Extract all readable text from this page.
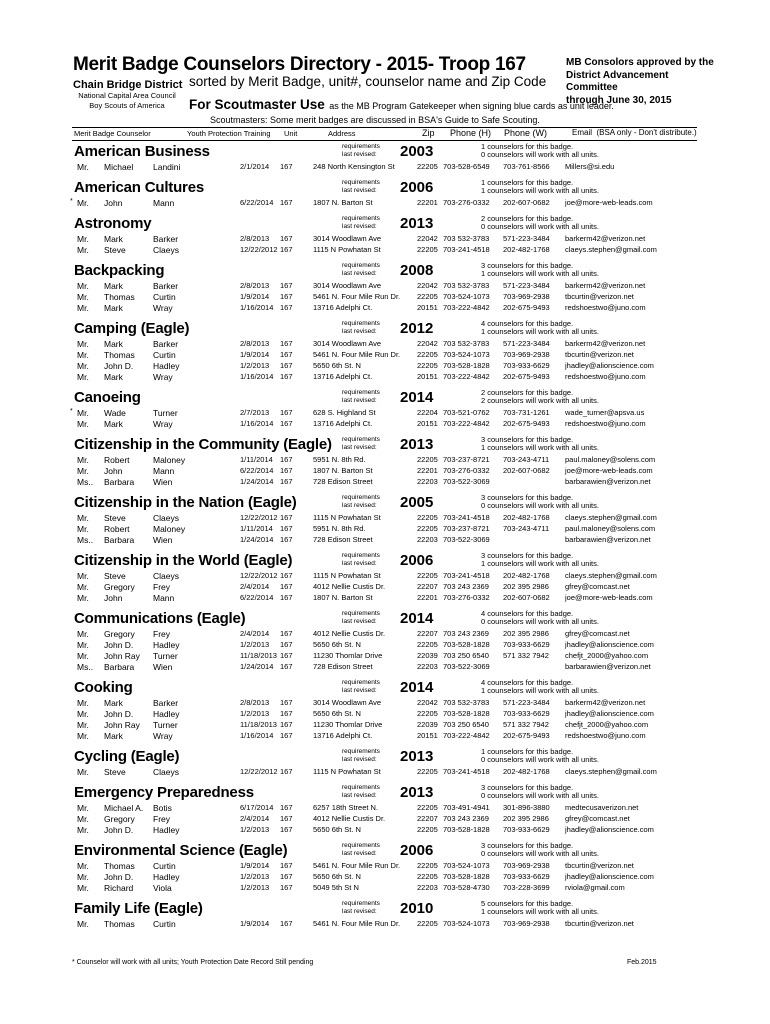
Merit Badge Counselors Directory - 2015- Troop 167
Chain Bridge District
National Capital Area Council
Boy Scouts of America
sorted by Merit Badge, unit#, counselor name and Zip Code
For Scoutmaster Use as the MB Program Gatekeeper when signing blue cards as unit leader.
MB Consolors approved by the
District Advancement Committee
through June 30, 2015
Scoutmasters: Some merit badges are discussed in BSA's Guide to Safe Scouting.
Merit Badge Counselor	Youth Protection Training Unit	Address	Zip Phone (H) Phone (W)	Email (BSA only - Don't distribute.)
American Business	requirements
last revised: 2003	1 counselors for this badge.
0 counselors will work with all units.
Mr. Michael Landini	2/1/2014 167	248 North Kensington St	22205 703-528-6549 703-761-8566 Millers@si.edu
American Cultures	requirements
last revised: 2006	1 counselors for this badge.
1 counselors will work with all units.
* Mr. John	Mann	6/22/2014 167	1807 N. Barton St	22201 703-276-0332 202-607-0682 joe@more-web-leads.com
Astronomy	requirements
last revised: 2013	2 counselors for this badge.
0 counselors will work with all units.
Mr. Mark	Barker	2/8/2013 167	3014 Woodlawn Ave	22042 703 532-3783 571-223-3484 barkerm42@verizon.net
Mr. Steve	Claeys	12/22/2012 167	1115 N Powhatan St	22205 703-241-4518 202-482-1768 claeys.stephen@gmail.com
Backpacking	requirements
last revised: 2008	3 counselors for this badge.
1 counselors will work with all units.
Mr. Mark	Barker	2/8/2013 167	3014 Woodlawn Ave	22042 703 532-3783 571-223-3484 barkerm42@verizon.net
Mr. Thomas Curtin	1/9/2014 167	5461 N. Four Mile Run Dr. 22205 703-524-1073 703-969-2938 tbcurtin@verizon.net
Mr. Mark	Wray	1/16/2014 167	13716 Adelphi Ct.	20151 703-222-4842 202-675-9493 redshoestwo@juno.com
Camping (Eagle)	requirements
last revised: 2012	4 counselors for this badge.
1 counselors will work with all units.
Mr. Mark	Barker	2/8/2013 167	3014 Woodlawn Ave	22042 703 532-3783 571-223-3484 barkerm42@verizon.net
Mr. Thomas Curtin	1/9/2014 167	5461 N. Four Mile Run Dr. 22205 703-524-1073 703-969-2938 tbcurtin@verizon.net
Mr. John D. Hadley	1/2/2013 167	5650 6th St. N	22205 703-528-1828 703-933-6629 jhadley@alionscience.com
Mr. Mark	Wray	1/16/2014 167	13716 Adelphi Ct.	20151 703-222-4842 202-675-9493 redshoestwo@juno.com
Canoeing	requirements
last revised: 2014	2 counselors for this badge.
2 counselors will work with all units.
* Mr. Wade	Turner	2/7/2013 167	628 S. Highland St	22204 703-521-0762 703-731-1261 wade_turner@apsva.us
Mr. Mark	Wray	1/16/2014 167	13716 Adelphi Ct.	20151 703-222-4842 202-675-9493 redshoestwo@juno.com
Citizenship in the Community (Eagle) requirements
last revised: 2013	3 counselors for this badge.
1 counselors will work with all units.
Mr. Robert	Maloney	1/11/2014 167	5951 N. 8th Rd.	22205 703-237-8721 703-243-4711 paul.maloney@solens.com
Mr. John	Mann	6/22/2014 167	1807 N. Barton St	22201 703-276-0332 202-607-0682 joe@more-web-leads.com
Ms.. Barbara Wien	1/24/2014 167	728 Edison Street	22203 703-522-3069	barbarawien@verizon.net
Citizenship in the Nation (Eagle)	requirements
last revised: 2005	3 counselors for this badge.
0 counselors will work with all units.
Mr. Steve	Claeys	12/22/2012 167	1115 N Powhatan St	22205 703-241-4518 202-482-1768 claeys.stephen@gmail.com
Mr. Robert	Maloney	1/11/2014 167	5951 N. 8th Rd.	22205 703-237-8721 703-243-4711 paul.maloney@solens.com
Ms.. Barbara Wien	1/24/2014 167	728 Edison Street	22203 703-522-3069	barbarawien@verizon.net
Citizenship in the World (Eagle)	requirements
last revised: 2006	3 counselors for this badge.
1 counselors will work with all units.
Mr. Steve	Claeys	12/22/2012 167	1115 N Powhatan St	22205 703-241-4518 202-482-1768 claeys.stephen@gmail.com
Mr. Gregory Frey	2/4/2014 167	4012 Nellie Custis Dr.	22207 703 243 2369 202 395 2986 gfrey@comcast.net
Mr. John	Mann	6/22/2014 167	1807 N. Barton St	22201 703-276-0332 202-607-0682 joe@more-web-leads.com
Communications (Eagle)	requirements
last revised: 2014	4 counselors for this badge.
0 counselors will work with all units.
Mr. Gregory Frey	2/4/2014 167	4012 Nellie Custis Dr.	22207 703 243 2369 202 395 2986 gfrey@comcast.net
Mr. John D. Hadley	1/2/2013 167	5650 6th St. N	22205 703-528-1828 703-933-6629 jhadley@alionscience.com
Mr. John Ray Turner	11/18/2013 167	11230 Thomlar Drive	22039 703 250 6540 571 332 7942 chefjt_2000@yahoo.com
Ms.. Barbara Wien	1/24/2014 167	728 Edison Street	22203 703-522-3069	barbarawien@verizon.net
Cooking	requirements
last revised: 2014	4 counselors for this badge.
1 counselors will work with all units.
Mr. Mark	Barker	2/8/2013 167	3014 Woodlawn Ave	22042 703 532-3783 571-223-3484 barkerm42@verizon.net
Mr. John D. Hadley	1/2/2013 167	5650 6th St. N	22205 703-528-1828 703-933-6629 jhadley@alionscience.com
Mr. John Ray Turner	11/18/2013 167	11230 Thomlar Drive	22039 703 250 6540 571 332 7942 chefjt_2000@yahoo.com
Mr. Mark	Wray	1/16/2014 167	13716 Adelphi Ct.	20151 703-222-4842 202-675-9493 redshoestwo@juno.com
Cycling (Eagle)	requirements
last revised: 2013	1 counselors for this badge.
0 counselors will work with all units.
Mr. Steve	Claeys	12/22/2012 167	1115 N Powhatan St	22205 703-241-4518 202-482-1768 claeys.stephen@gmail.com
Emergency Preparedness	requirements
last revised: 2013	3 counselors for this badge.
0 counselors will work with all units.
Mr. Michael A. Botis	6/17/2014 167	6257 18th Street N.	22205 703-491-4941 301-896-3880 medtecusaverizon.net
Mr. Gregory Frey	2/4/2014 167	4012 Nellie Custis Dr.	22207 703 243 2369 202 395 2986 gfrey@comcast.net
Mr. John D. Hadley	1/2/2013 167	5650 6th St. N	22205 703-528-1828 703-933-6629 jhadley@alionscience.com
Environmental Science (Eagle)	requirements
last revised: 2006	3 counselors for this badge.
0 counselors will work with all units.
Mr. Thomas Curtin	1/9/2014 167	5461 N. Four Mile Run Dr. 22205 703-524-1073 703-969-2938 tbcurtin@verizon.net
Mr. John D. Hadley	1/2/2013 167	5650 6th St. N	22205 703-528-1828 703-933-6629 jhadley@alionscience.com
Mr. Richard Viola	1/2/2013 167	5049 5th St N	22203 703-528-4730 703-228-3699 rviola@gmail.com
Family Life (Eagle)	requirements
last revised: 2010	5 counselors for this badge.
1 counselors will work with all units.
Mr. Thomas Curtin	1/9/2014 167	5461 N. Four Mile Run Dr. 22205 703-524-1073 703-969-2938 tbcurtin@verizon.net
* Counselor will work with all units; Youth Protection Date Record Still pending	Feb.2015
